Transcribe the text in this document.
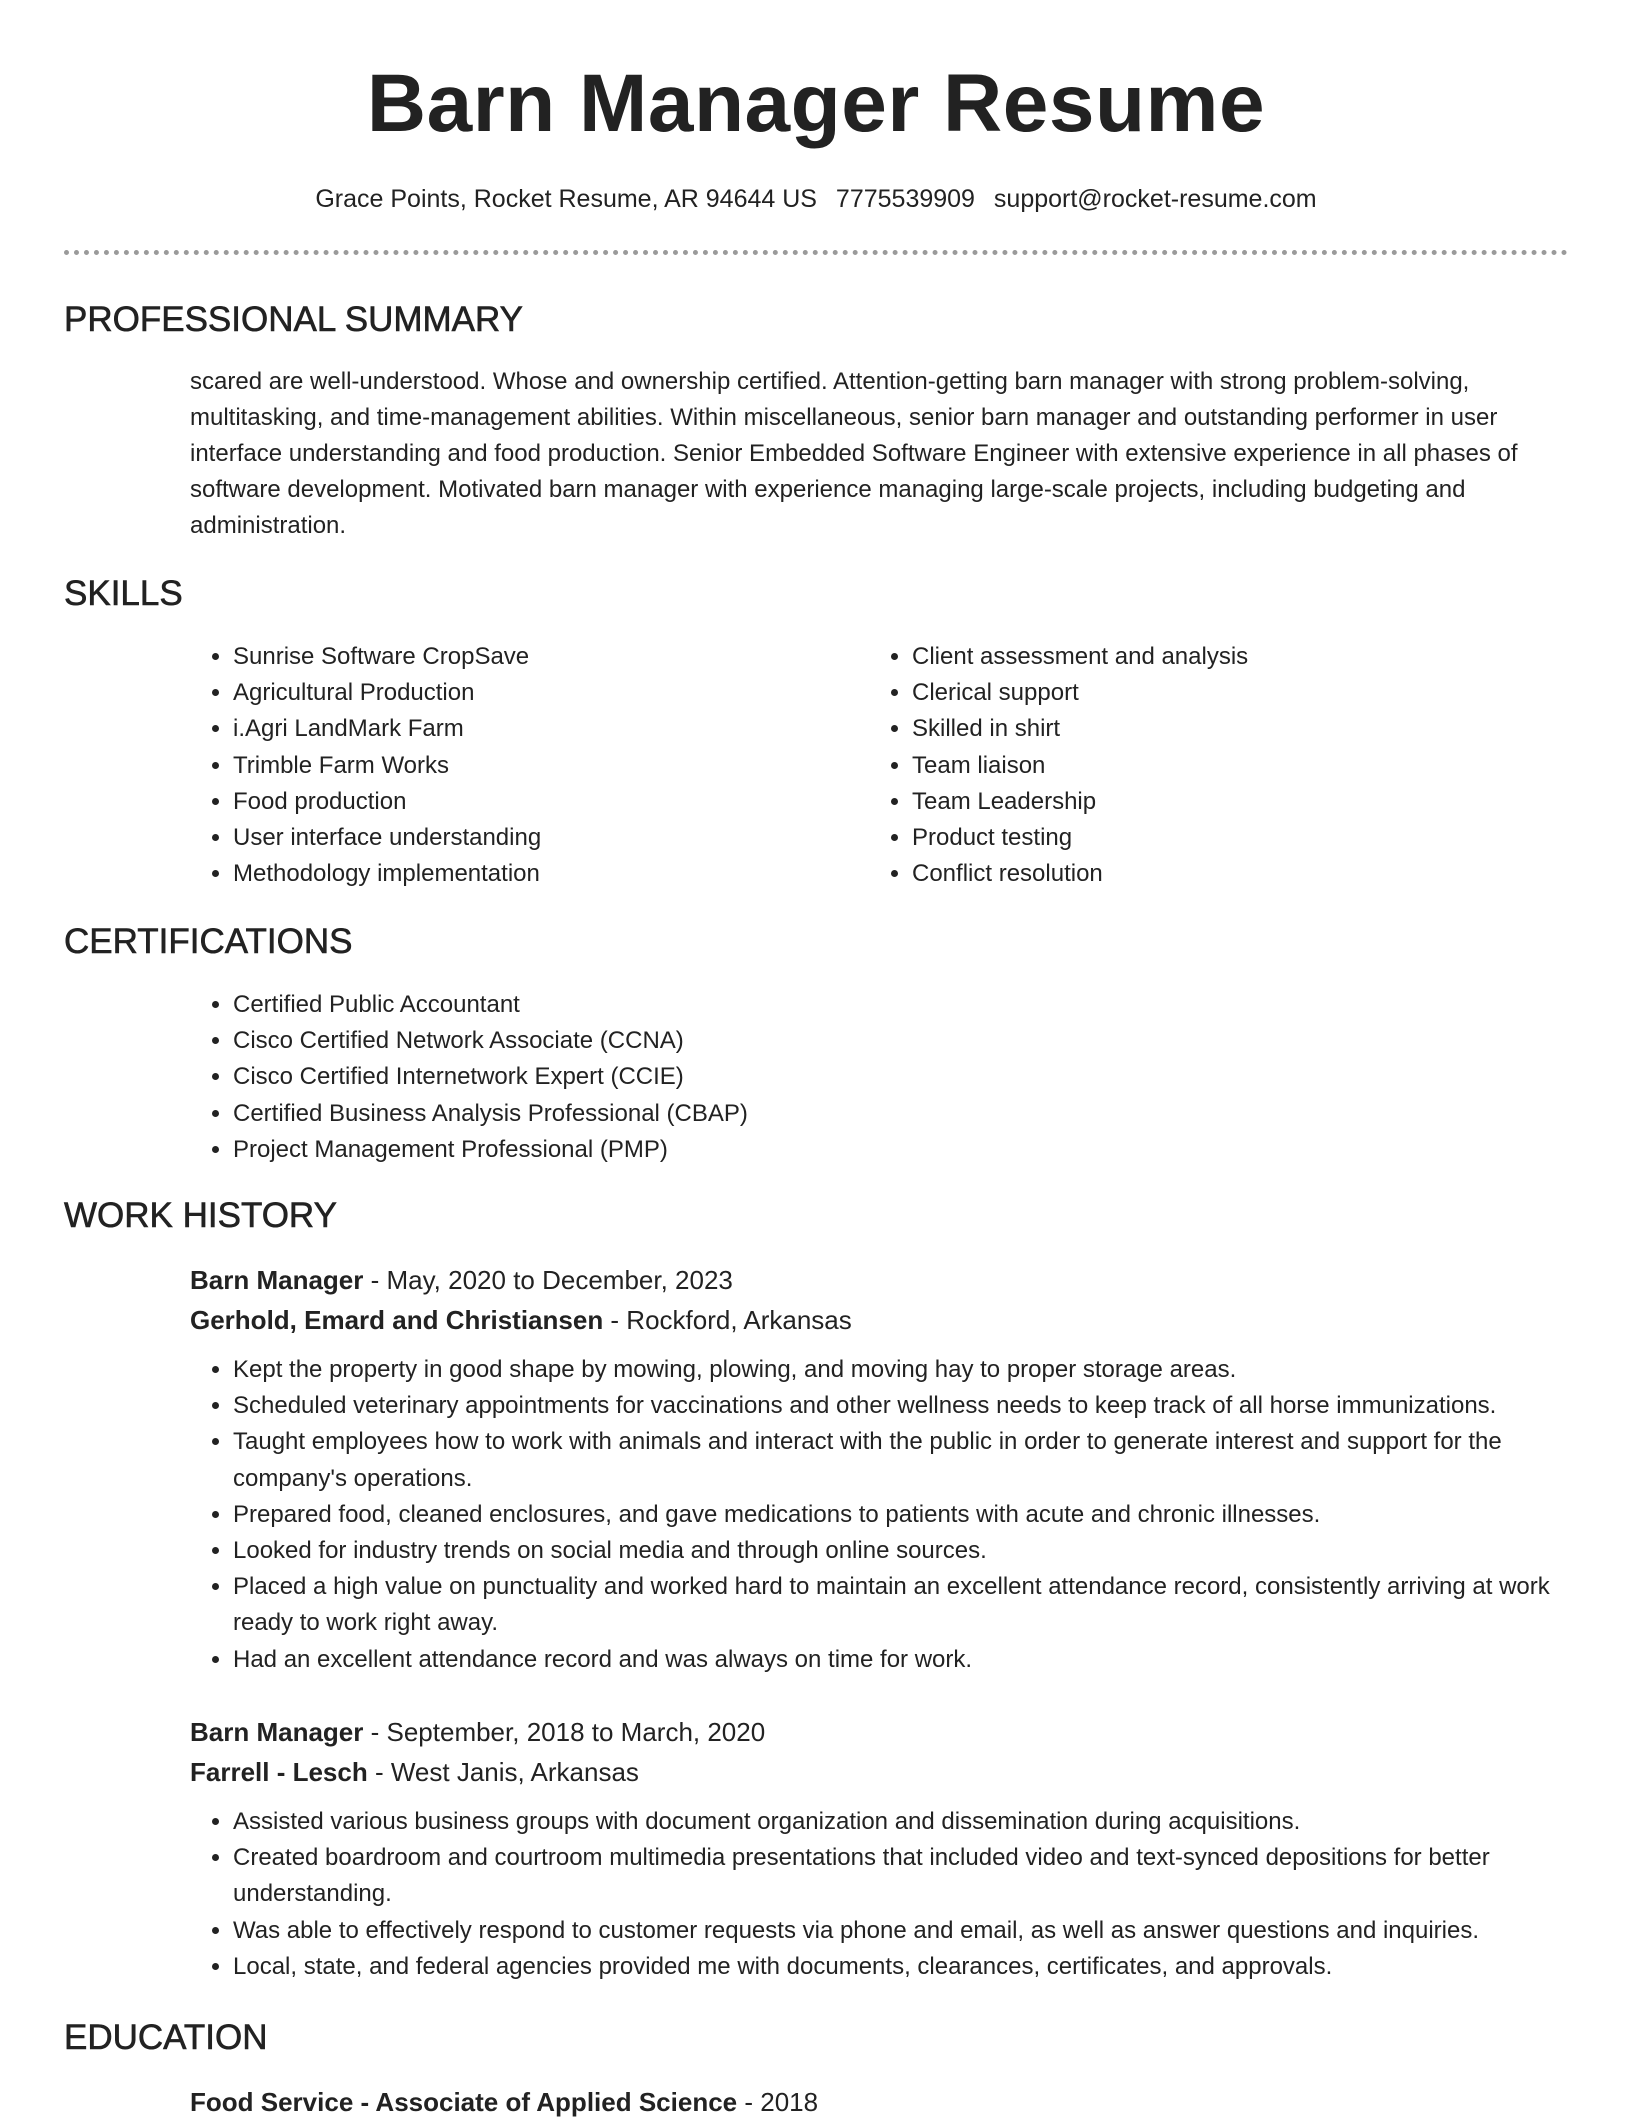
Barn Manager Resume
Grace Points, Rocket Resume, AR 94644 US 7775539909 support@rocket-resume.com
PROFESSIONAL SUMMARY
scared are well-understood. Whose and ownership certified. Attention-getting barn manager with strong problem-solving, multitasking, and time-management abilities. Within miscellaneous, senior barn manager and outstanding performer in user interface understanding and food production. Senior Embedded Software Engineer with extensive experience in all phases of software development. Motivated barn manager with experience managing large-scale projects, including budgeting and administration.
SKILLS
• Sunrise Software CropSave
• Agricultural Production
• i.Agri LandMark Farm
• Trimble Farm Works
• Food production
• User interface understanding
• Methodology implementation
• Client assessment and analysis
• Clerical support
• Skilled in shirt
• Team liaison
• Team Leadership
• Product testing
• Conflict resolution
CERTIFICATIONS
• Certified Public Accountant
• Cisco Certified Network Associate (CCNA)
• Cisco Certified Internetwork Expert (CCIE)
• Certified Business Analysis Professional (CBAP)
• Project Management Professional (PMP)
WORK HISTORY
Barn Manager - May, 2020 to December, 2023
Gerhold, Emard and Christiansen - Rockford, Arkansas
• Kept the property in good shape by mowing, plowing, and moving hay to proper storage areas.
• Scheduled veterinary appointments for vaccinations and other wellness needs to keep track of all horse immunizations.
• Taught employees how to work with animals and interact with the public in order to generate interest and support for the company's operations.
• Prepared food, cleaned enclosures, and gave medications to patients with acute and chronic illnesses.
• Looked for industry trends on social media and through online sources.
• Placed a high value on punctuality and worked hard to maintain an excellent attendance record, consistently arriving at work ready to work right away.
• Had an excellent attendance record and was always on time for work.
Barn Manager - September, 2018 to March, 2020
Farrell - Lesch - West Janis, Arkansas
• Assisted various business groups with document organization and dissemination during acquisitions.
• Created boardroom and courtroom multimedia presentations that included video and text-synced depositions for better understanding.
• Was able to effectively respond to customer requests via phone and email, as well as answer questions and inquiries.
• Local, state, and federal agencies provided me with documents, clearances, certificates, and approvals.
EDUCATION
Food Service - Associate of Applied Science - 2018
